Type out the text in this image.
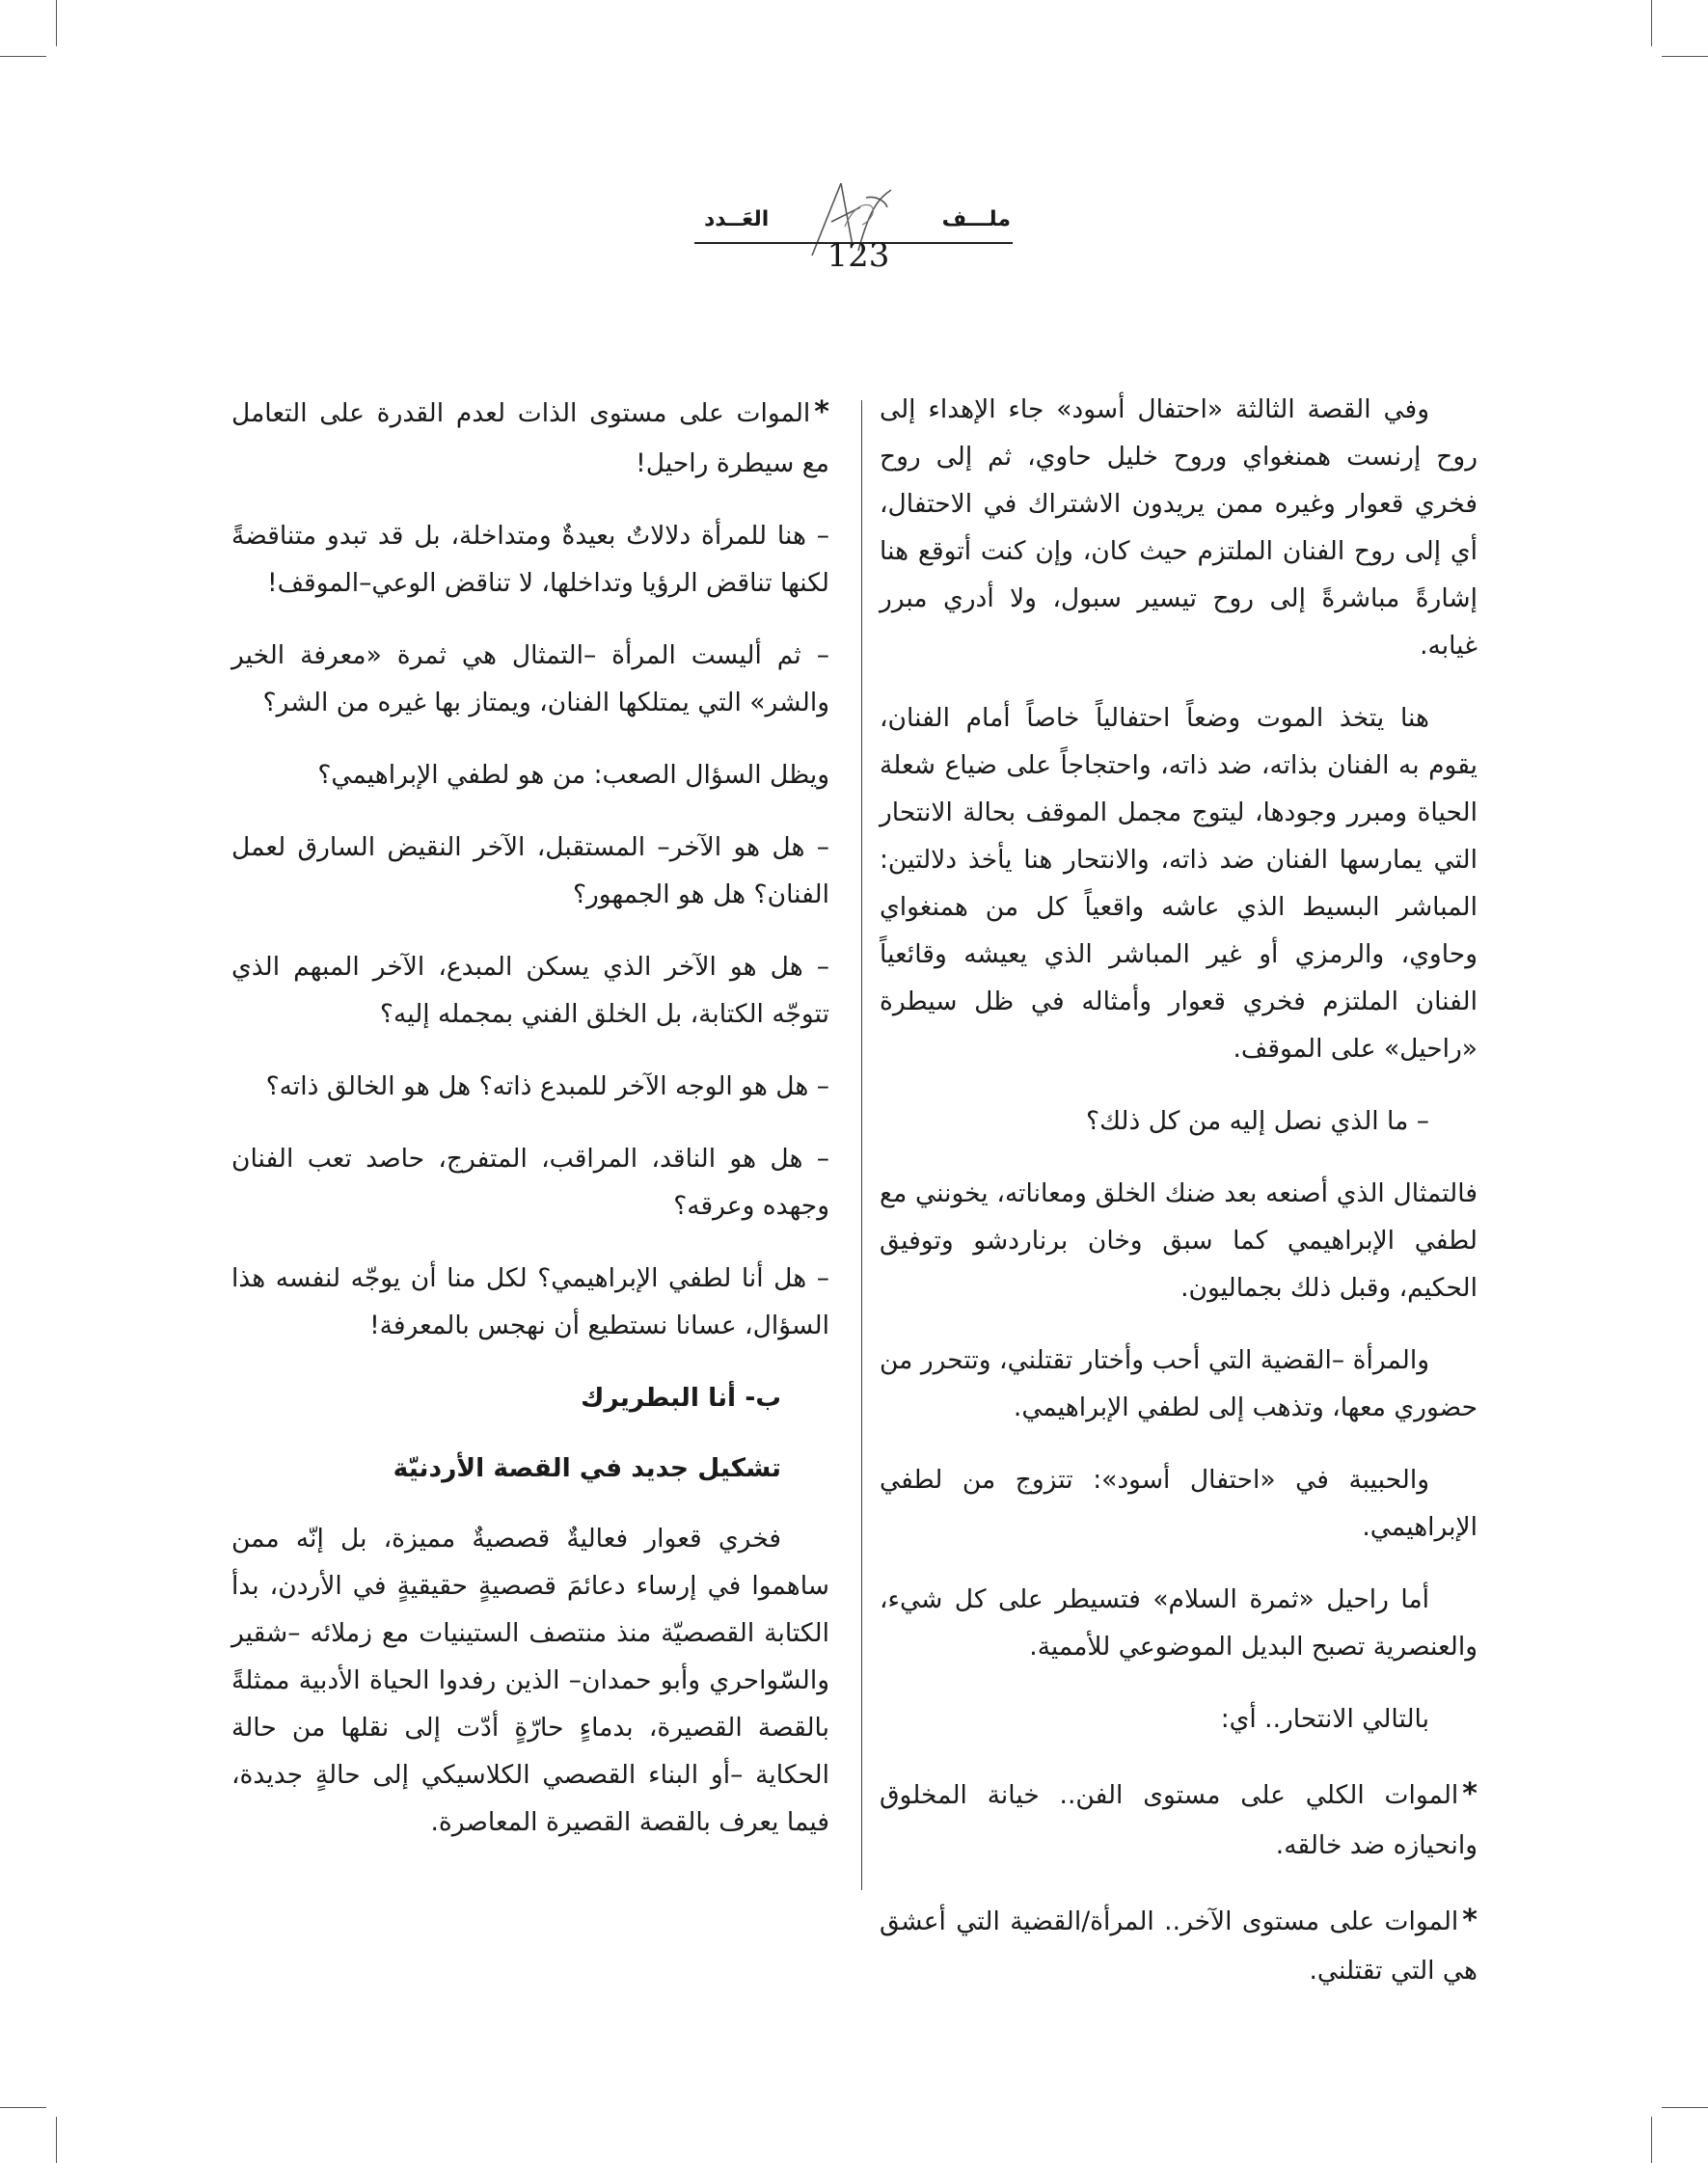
ملـــف
العَــدد
123

وفي القصة الثالثة «احتفال أسود» جاء الإهداء إلى روح إرنست همنغواي وروح خليل حاوي، ثم إلى روح فخري قعوار وغيره ممن يريدون الاشتراك في الاحتفال، أي إلى روح الفنان الملتزم حيث كان، وإن كنت أتوقع هنا إشارةً مباشرةً إلى روح تيسير سبول، ولا أدري مبرر غيابه.

هنا يتخذ الموت وضعاً احتفالياً خاصاً أمام الفنان، يقوم به الفنان بذاته، ضد ذاته، واحتجاجاً على ضياع شعلة الحياة ومبرر وجودها، ليتوج مجمل الموقف بحالة الانتحار التي يمارسها الفنان ضد ذاته، والانتحار هنا يأخذ دلالتين: المباشر البسيط الذي عاشه واقعياً كل من همنغواي وحاوي، والرمزي أو غير المباشر الذي يعيشه وقائعياً الفنان الملتزم فخري قعوار وأمثاله في ظل سيطرة «راحيل» على الموقف.

– ما الذي نصل إليه من كل ذلك؟

فالتمثال الذي أصنعه بعد ضنك الخلق ومعاناته، يخونني مع لطفي الإبراهيمي كما سبق وخان برناردشو وتوفيق الحكيم، وقبل ذلك بجماليون.

والمرأة –القضية التي أحب وأختار تقتلني، وتتحرر من حضوري معها، وتذهب إلى لطفي الإبراهيمي.

والحبيبة في «احتفال أسود»: تتزوج من لطفي الإبراهيمي.

أما راحيل «ثمرة السلام» فتسيطر على كل شيء، والعنصرية تصبح البديل الموضوعي للأممية.

بالتالي الانتحار.. أي:

*الموات الكلي على مستوى الفن.. خيانة المخلوق وانحيازه ضد خالقه.

*الموات على مستوى الآخر.. المرأة/القضية التي أعشق هي التي تقتلني.

*الموات على مستوى الذات لعدم القدرة على التعامل مع سيطرة راحيل!

– هنا للمرأة دلالاتٌ بعيدةٌ ومتداخلة، بل قد تبدو متناقضةً لكنها تناقض الرؤيا وتداخلها، لا تناقض الوعي–الموقف!

– ثم أليست المرأة –التمثال هي ثمرة «معرفة الخير والشر» التي يمتلكها الفنان، ويمتاز بها غيره من الشر؟

ويظل السؤال الصعب: من هو لطفي الإبراهيمي؟

– هل هو الآخر– المستقبل، الآخر النقيض السارق لعمل الفنان؟ هل هو الجمهور؟

– هل هو الآخر الذي يسكن المبدع، الآخر المبهم الذي تتوجّه الكتابة، بل الخلق الفني بمجمله إليه؟

– هل هو الوجه الآخر للمبدع ذاته؟ هل هو الخالق ذاته؟

– هل هو الناقد، المراقب، المتفرج، حاصد تعب الفنان وجهده وعرقه؟

– هل أنا لطفي الإبراهيمي؟ لكل منا أن يوجّه لنفسه هذا السؤال، عسانا نستطيع أن نهجس بالمعرفة!

ب- أنا البطريرك

تشكيل جديد في القصة الأردنيّة

فخري قعوار فعاليةٌ قصصيةٌ مميزة، بل إنّه ممن ساهموا في إرساء دعائمَ قصصيةٍ حقيقيةٍ في الأردن، بدأ الكتابة القصصيّة منذ منتصف الستينيات مع زملائه –شقير والسّواحري وأبو حمدان– الذين رفدوا الحياة الأدبية ممثلةً بالقصة القصيرة، بدماءٍ حارّةٍ أدّت إلى نقلها من حالة الحكاية –أو البناء القصصي الكلاسيكي إلى حالةٍ جديدة، فيما يعرف بالقصة القصيرة المعاصرة.
